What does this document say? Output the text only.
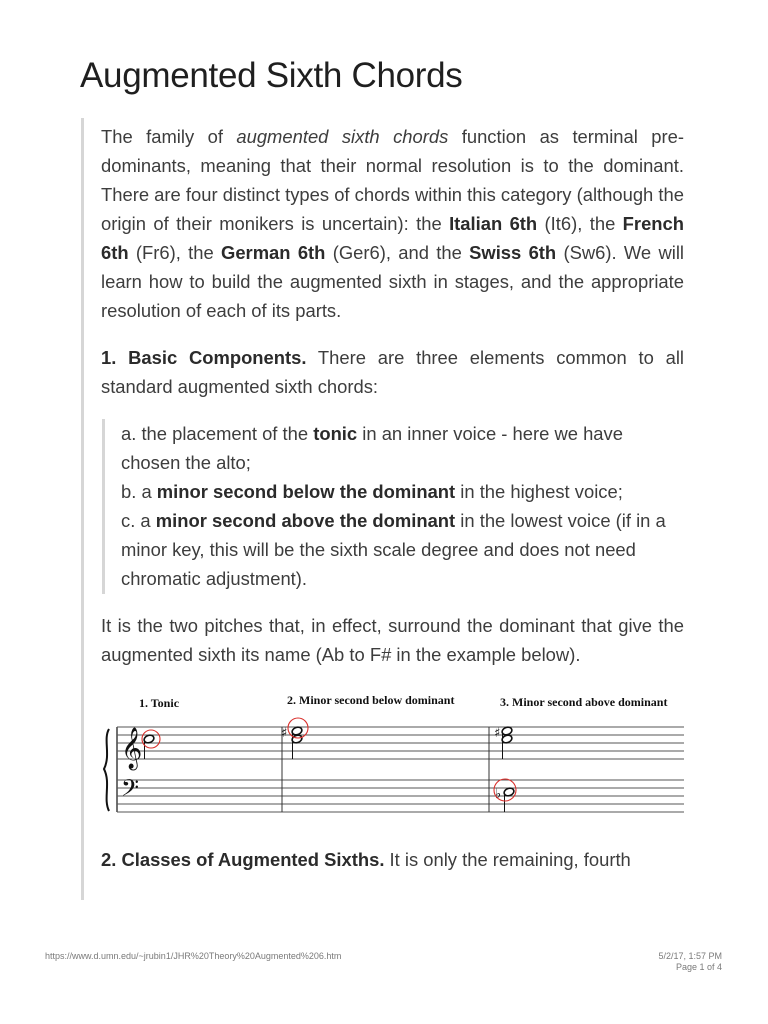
Augmented Sixth Chords

The family of augmented sixth chords function as terminal pre-dominants, meaning that their normal resolution is to the dominant. There are four distinct types of chords within this category (although the origin of their monikers is uncertain): the Italian 6th (It6), the French 6th (Fr6), the German 6th (Ger6), and the Swiss 6th (Sw6). We will learn how to build the augmented sixth in stages, and the appropriate resolution of each of its parts.

1. Basic Components. There are three elements common to all standard augmented sixth chords:

a. the placement of the tonic in an inner voice - here we have chosen the alto;
b. a minor second below the dominant in the highest voice;
c. a minor second above the dominant in the lowest voice (if in a minor key, this will be the sixth scale degree and does not need chromatic adjustment).

It is the two pitches that, in effect, surround the dominant that give the augmented sixth its name (Ab to F# in the example below).

1. Tonic	2. Minor second below dominant	3. Minor second above dominant
𝄞
𝄢
♯	♯
♭

2. Classes of Augmented Sixths. It is only the remaining, fourth

https://www.d.umn.edu/~jrubin1/JHR%20Theory%20Augmented%206.htm	5/2/17, 1:57 PM
Page 1 of 4
